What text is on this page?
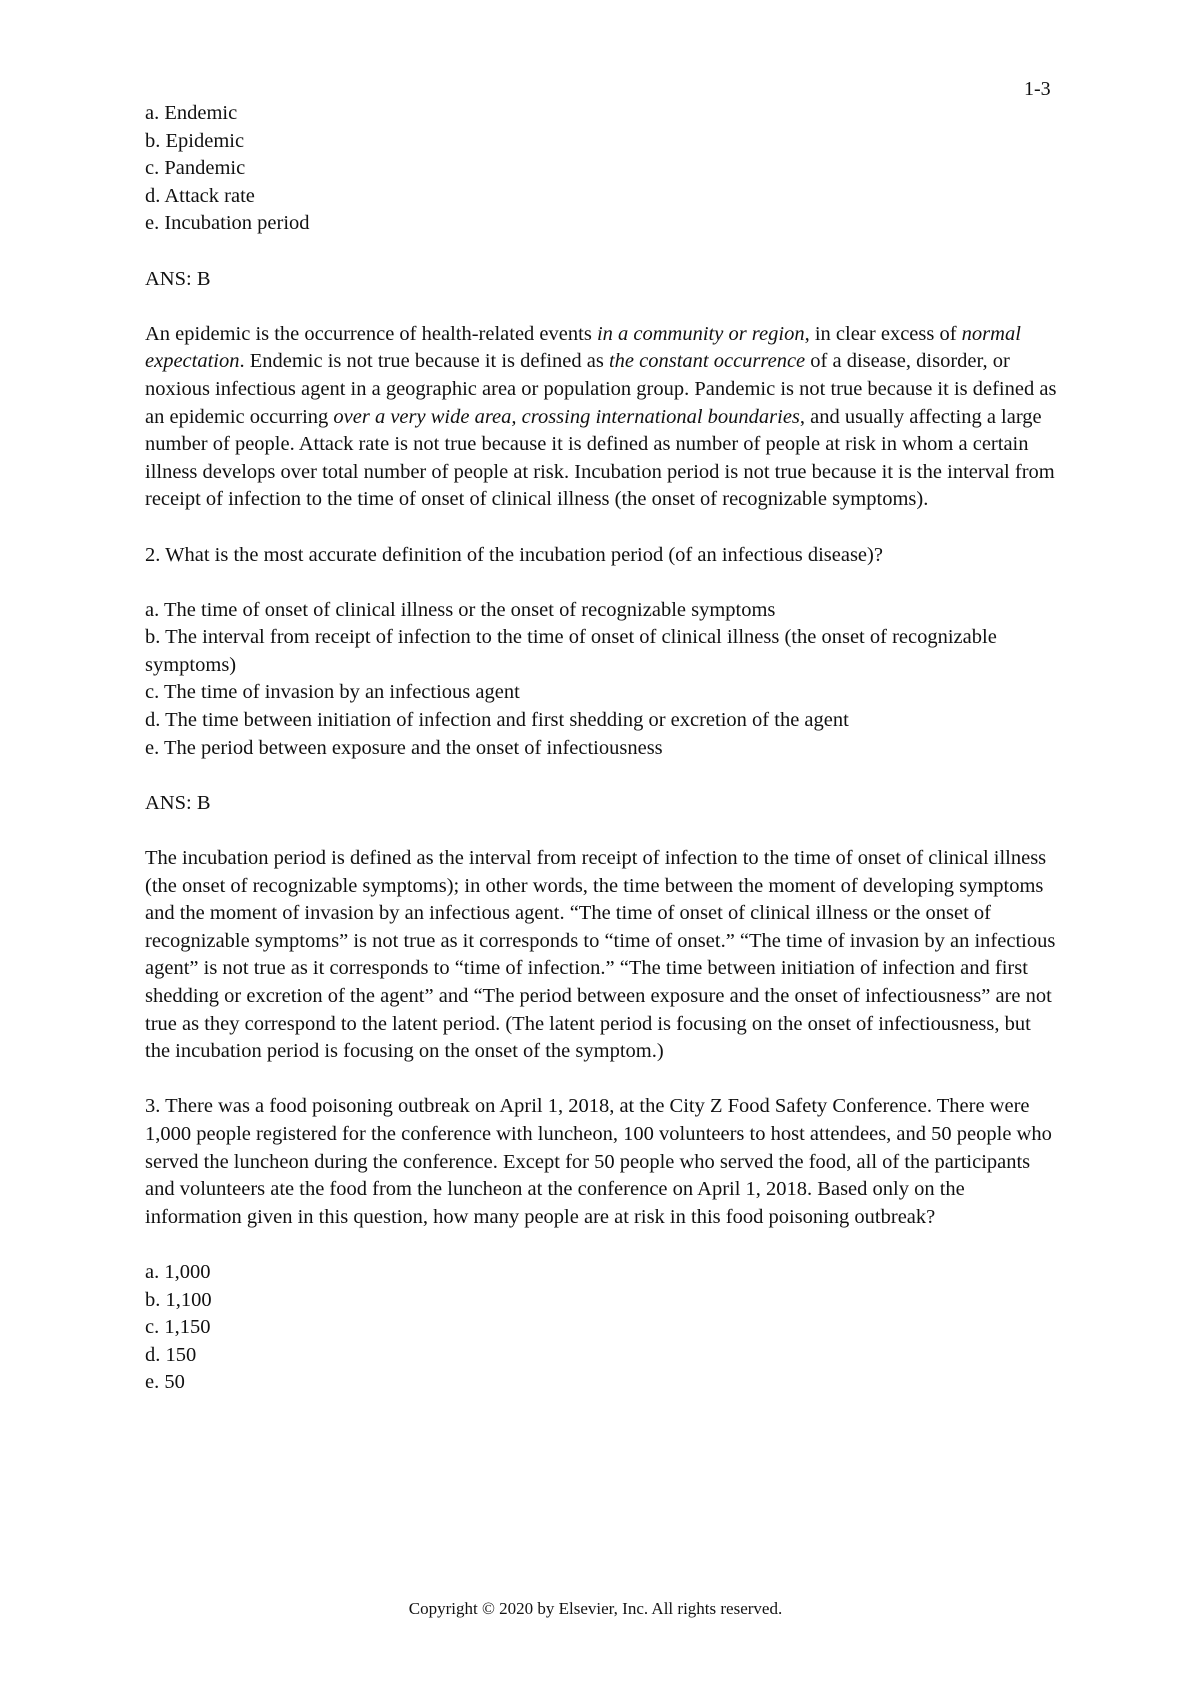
1-3

a. Endemic

b. Epidemic

c. Pandemic

d. Attack rate

e. Incubation period

ANS: B

An epidemic is the occurrence of health-related events in a community or region, in clear excess of normal expectation. Endemic is not true because it is defined as the constant occurrence of a disease, disorder, or noxious infectious agent in a geographic area or population group. Pandemic is not true because it is defined as an epidemic occurring over a very wide area, crossing international boundaries, and usually affecting a large number of people. Attack rate is not true because it is defined as number of people at risk in whom a certain illness develops over total number of people at risk. Incubation period is not true because it is the interval from receipt of infection to the time of onset of clinical illness (the onset of recognizable symptoms).

2. What is the most accurate definition of the incubation period (of an infectious disease)?

a. The time of onset of clinical illness or the onset of recognizable symptoms

b. The interval from receipt of infection to the time of onset of clinical illness (the onset of recognizable symptoms)

c. The time of invasion by an infectious agent

d. The time between initiation of infection and first shedding or excretion of the agent

e. The period between exposure and the onset of infectiousness

ANS: B

The incubation period is defined as the interval from receipt of infection to the time of onset of clinical illness (the onset of recognizable symptoms); in other words, the time between the moment of developing symptoms and the moment of invasion by an infectious agent. “The time of onset of clinical illness or the onset of recognizable symptoms” is not true as it corresponds to “time of onset.” “The time of invasion by an infectious agent” is not true as it corresponds to “time of infection.” “The time between initiation of infection and first shedding or excretion of the agent” and “The period between exposure and the onset of infectiousness” are not true as they correspond to the latent period. (The latent period is focusing on the onset of infectiousness, but the incubation period is focusing on the onset of the symptom.)

3. There was a food poisoning outbreak on April 1, 2018, at the City Z Food Safety Conference. There were 1,000 people registered for the conference with luncheon, 100 volunteers to host attendees, and 50 people who served the luncheon during the conference. Except for 50 people who served the food, all of the participants and volunteers ate the food from the luncheon at the conference on April 1, 2018. Based only on the information given in this question, how many people are at risk in this food poisoning outbreak?

a. 1,000

b. 1,100

c. 1,150

d. 150

e. 50

Copyright © 2020 by Elsevier, Inc. All rights reserved.
